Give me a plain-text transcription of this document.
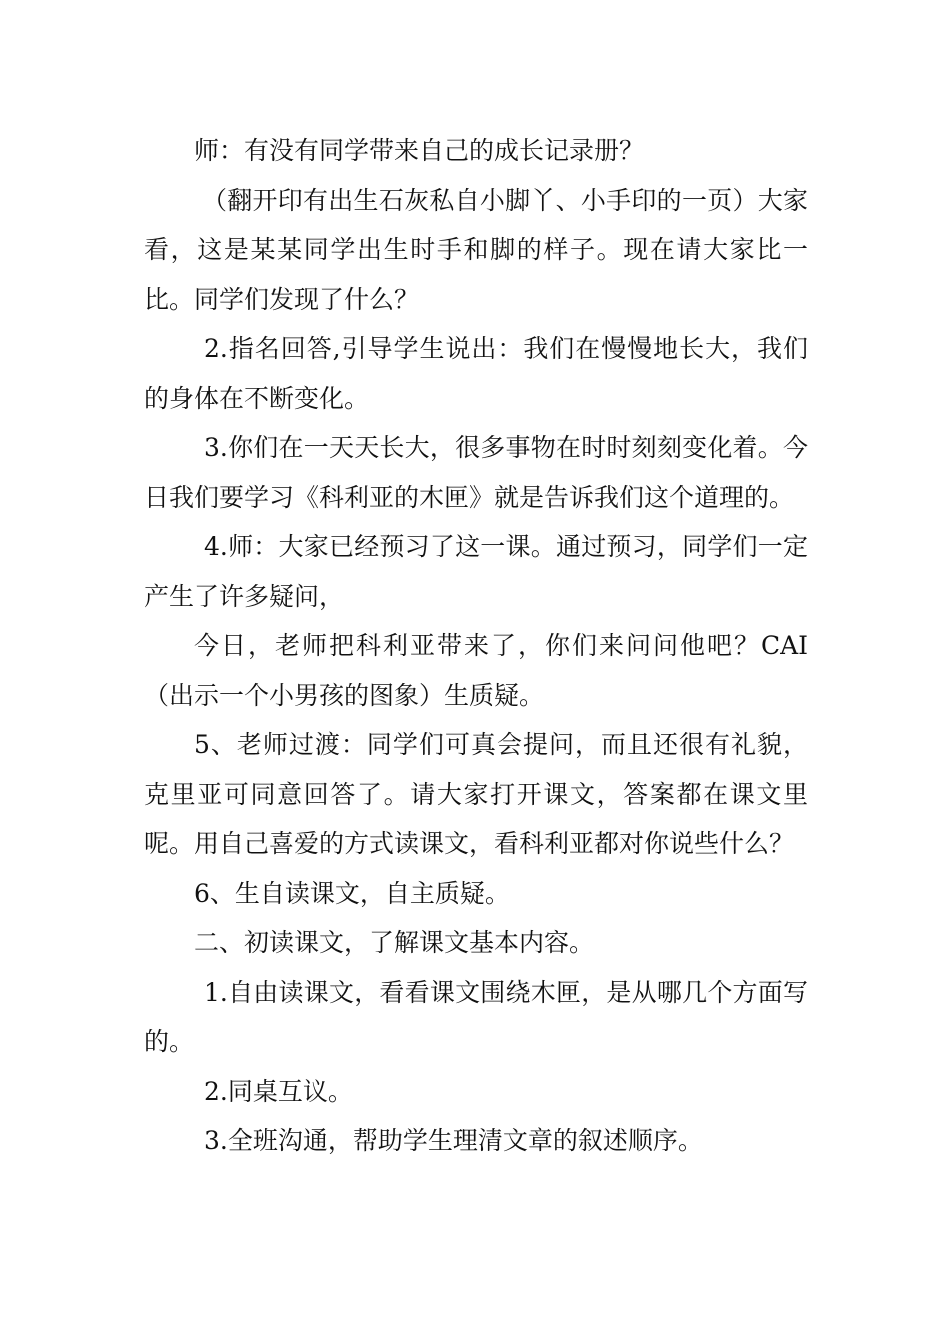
师：有没有同学带来自己的成长记录册？

（翻开印有出生石灰私自小脚丫、小手印的一页）大家看，这是某某同学出生时手和脚的样子。现在请大家比一比。同学们发现了什么？

2.指名回答,引导学生说出：我们在慢慢地长大，我们的身体在不断变化。

3.你们在一天天长大，很多事物在时时刻刻变化着。今日我们要学习《科利亚的木匣》就是告诉我们这个道理的。

4.师：大家已经预习了这一课。通过预习，同学们一定产生了许多疑问，

今日，老师把科利亚带来了，你们来问问他吧？CAI（出示一个小男孩的图象）生质疑。

5、老师过渡：同学们可真会提问，而且还很有礼貌，克里亚可同意回答了。请大家打开课文，答案都在课文里呢。用自己喜爱的方式读课文，看科利亚都对你说些什么？

6、生自读课文，自主质疑。

二、初读课文，了解课文基本内容。

1.自由读课文，看看课文围绕木匣，是从哪几个方面写的。

2.同桌互议。

3.全班沟通，帮助学生理清文章的叙述顺序。
